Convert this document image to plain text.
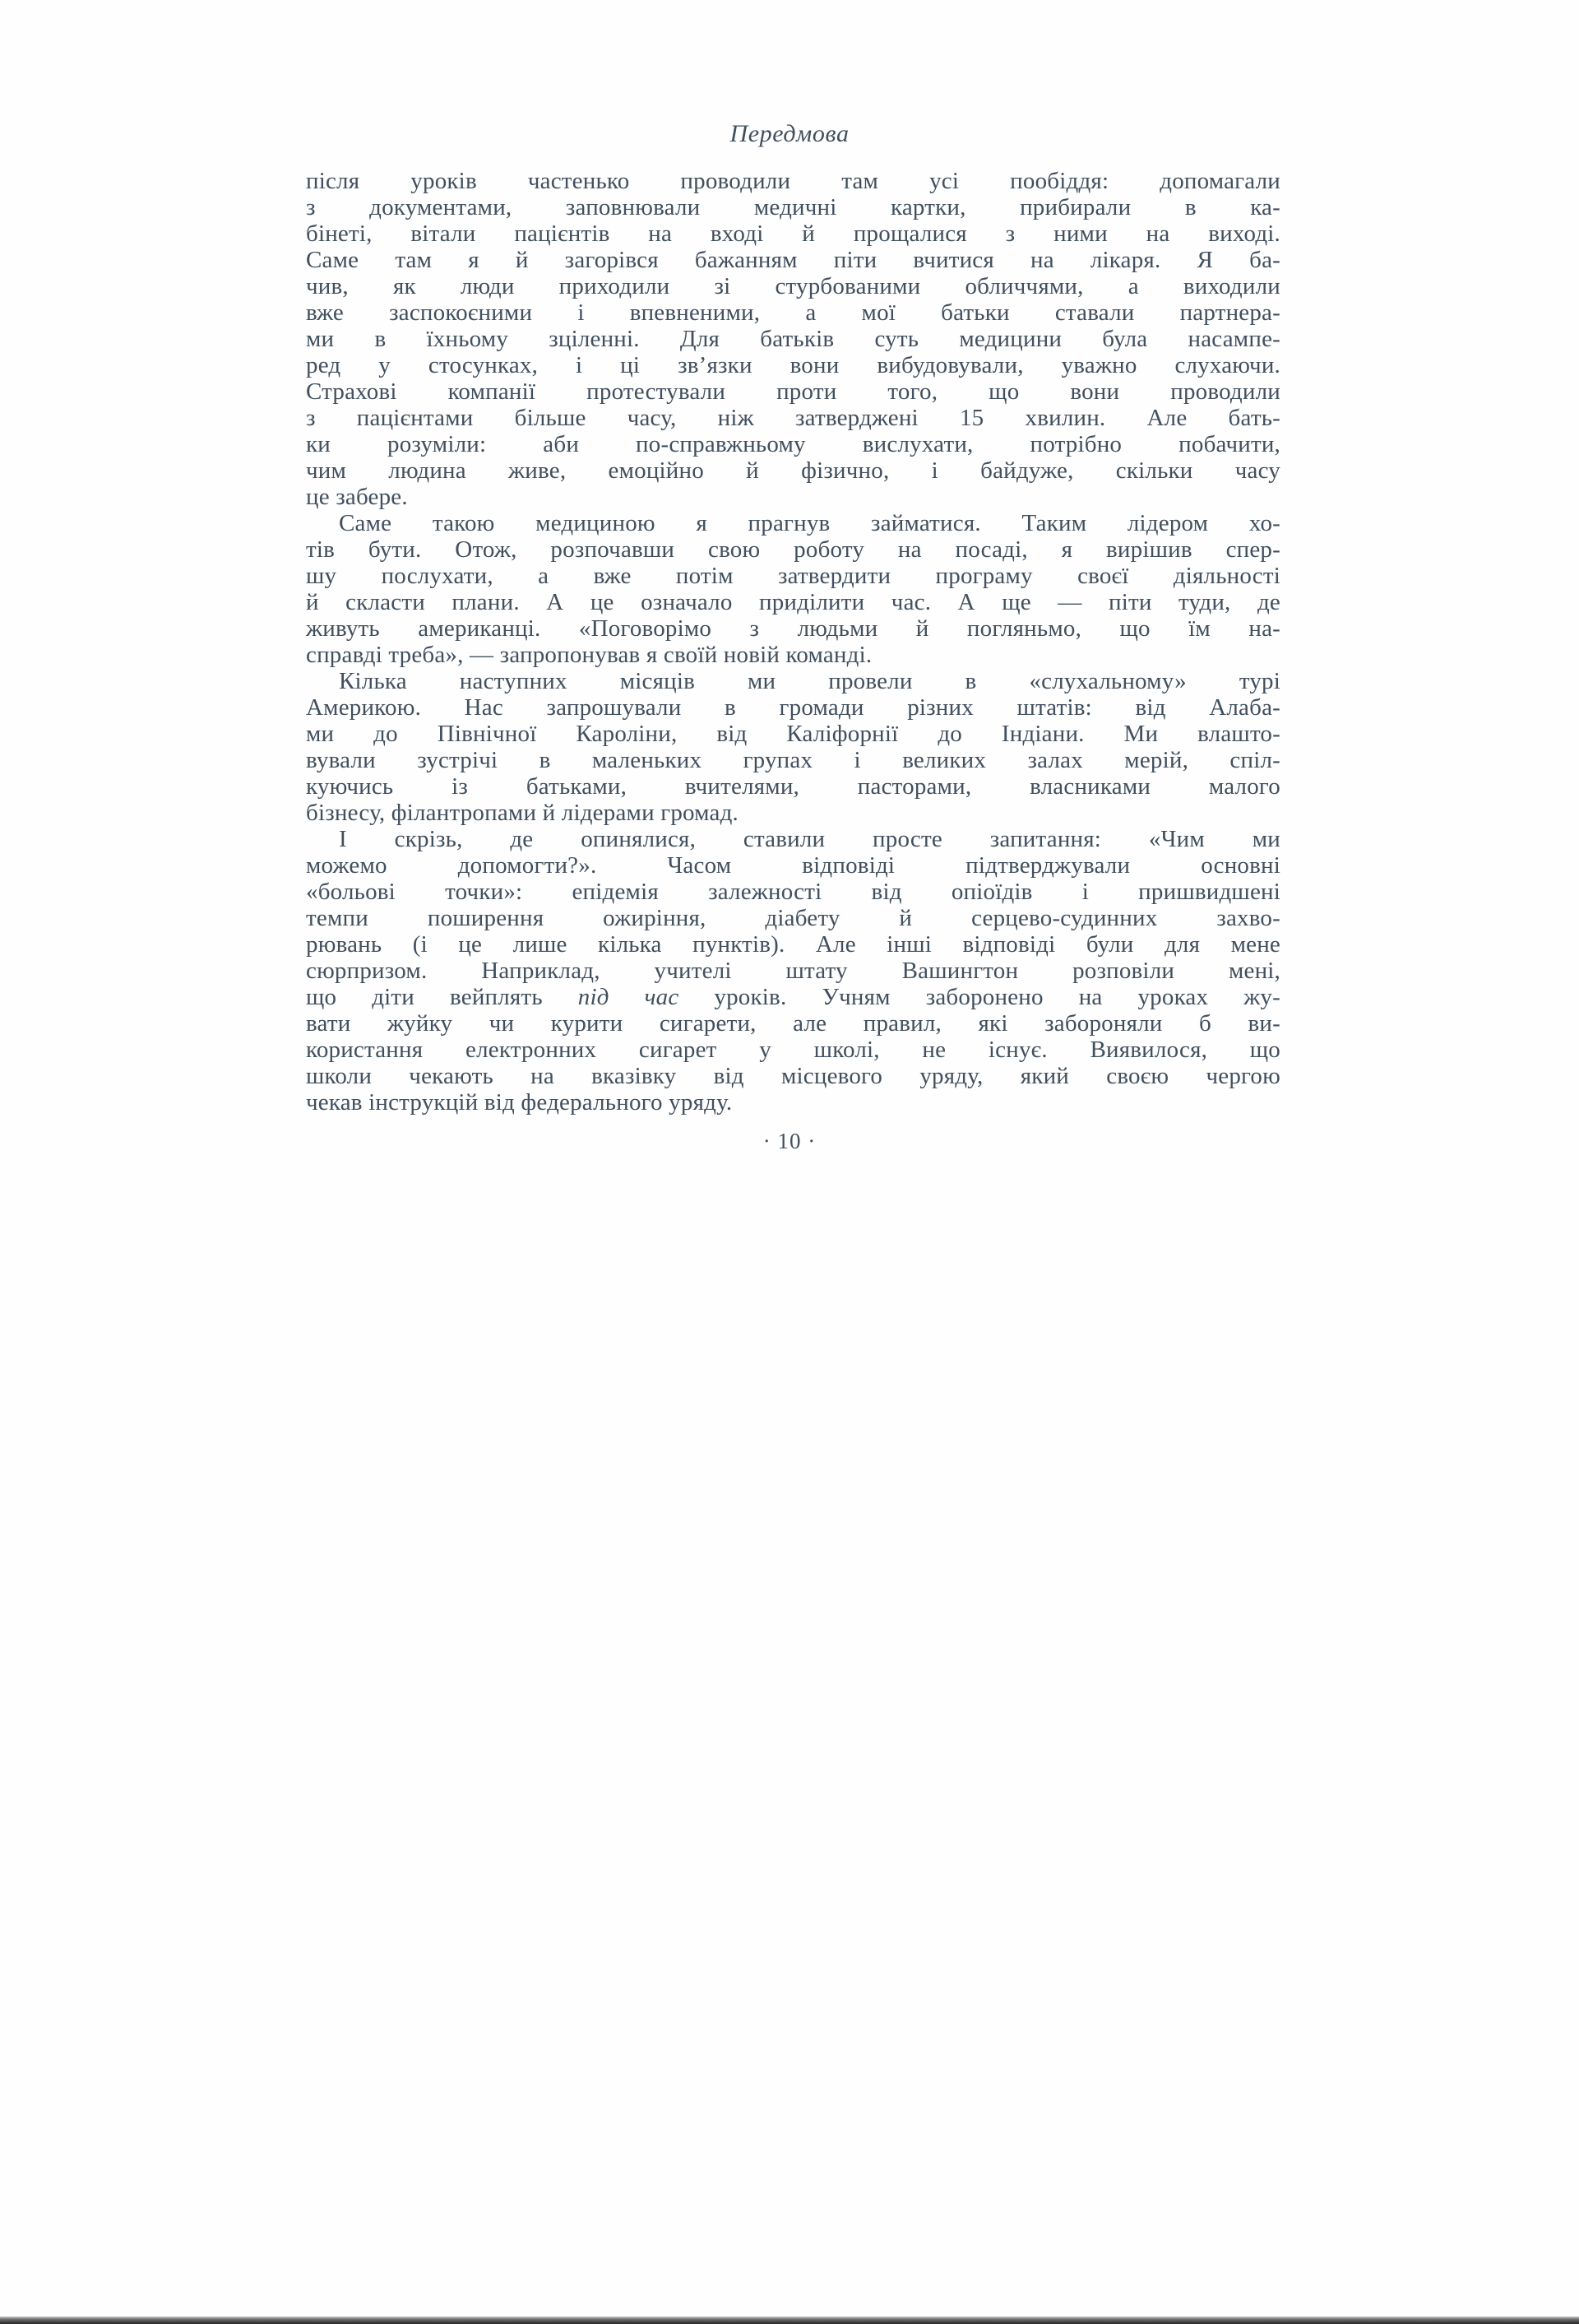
Передмова
після уроків частенько проводили там усі пообіддя: допомагали
з документами, заповнювали медичні картки, прибирали в ка-
бінеті, вітали пацієнтів на вході й прощалися з ними на виході.
Саме там я й загорівся бажанням піти вчитися на лікаря. Я ба-
чив, як люди приходили зі стурбованими обличчями, а виходили
вже заспокоєними і впевненими, а мої батьки ставали партнера-
ми в їхньому зціленні. Для батьків суть медицини була насампе-
ред у стосунках, і ці зв’язки вони вибудовували, уважно слухаючи.
Страхові компанії протестували проти того, що вони проводили
з пацієнтами більше часу, ніж затверджені 15 хвилин. Але бать-
ки розуміли: аби по-справжньому вислухати, потрібно побачити,
чим людина живе, емоційно й фізично, і байдуже, скільки часу
це забере.
Саме такою медициною я прагнув займатися. Таким лідером хо-
тів бути. Отож, розпочавши свою роботу на посаді, я вирішив спер-
шу послухати, а вже потім затвердити програму своєї діяльності
й скласти плани. А це означало приділити час. А ще — піти туди, де
живуть американці. «Поговорімо з людьми й погляньмо, що їм на-
справді треба», — запропонував я своїй новій команді.
Кілька наступних місяців ми провели в «слухальному» турі
Америкою. Нас запрошували в громади різних штатів: від Алаба-
ми до Північної Кароліни, від Каліфорнії до Індіани. Ми влашто-
вували зустрічі в маленьких групах і великих залах мерій, спіл-
куючись із батьками, вчителями, пасторами, власниками малого
бізнесу, філантропами й лідерами громад.
І скрізь, де опинялися, ставили просте запитання: «Чим ми
можемо допомогти?». Часом відповіді підтверджували основні
«больові точки»: епідемія залежності від опіоїдів і пришвидшені
темпи поширення ожиріння, діабету й серцево-судинних захво-
рювань (і це лише кілька пунктів). Але інші відповіді були для мене
сюрпризом. Наприклад, учителі штату Вашингтон розповіли мені,
що діти вейплять під час уроків. Учням заборонено на уроках жу-
вати жуйку чи курити сигарети, але правил, які забороняли б ви-
користання електронних сигарет у школі, не існує. Виявилося, що
школи чекають на вказівку від місцевого уряду, який своєю чергою
чекав інструкцій від федерального уряду.
· 10 ·
